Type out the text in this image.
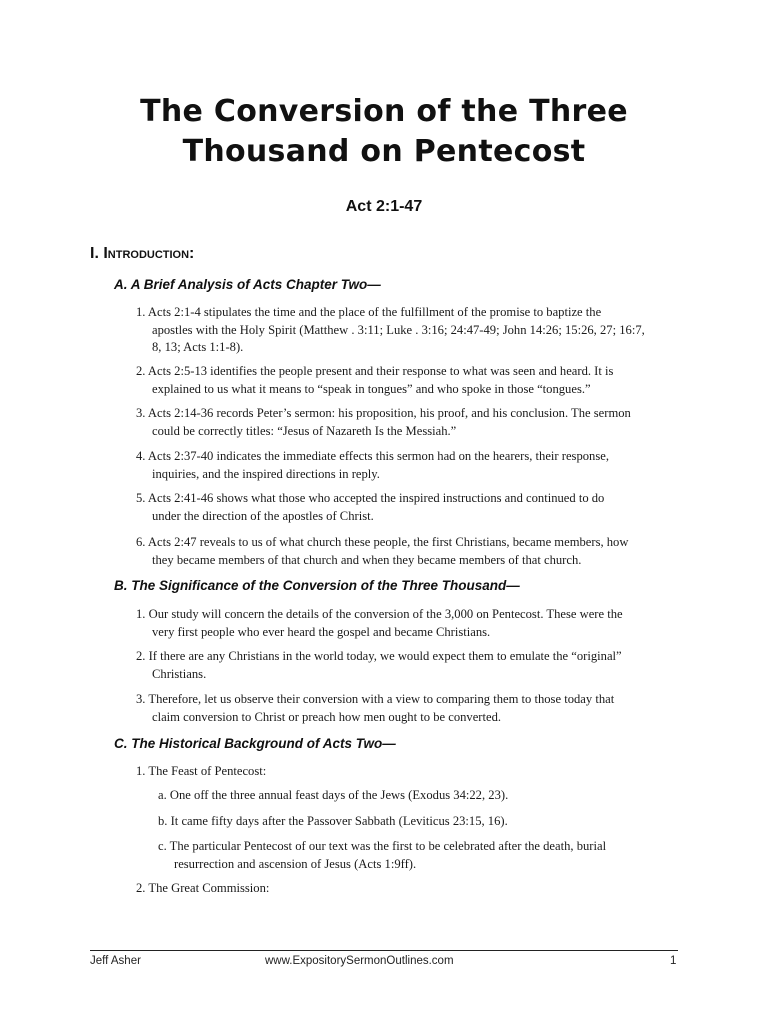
The Conversion of the Three
Thousand on Pentecost
Act 2:1-47
I. Introduction:
A. A Brief Analysis of Acts Chapter Two—
1. Acts 2:1-4 stipulates the time and the place of the fulfillment of the promise to baptize the
apostles with the Holy Spirit (Matthew . 3:11; Luke . 3:16; 24:47-49; John 14:26; 15:26, 27; 16:7,
8, 13; Acts 1:1-8).
2. Acts 2:5-13 identifies the people present and their response to what was seen and heard. It is
explained to us what it means to “speak in tongues” and who spoke in those “tongues.”
3. Acts 2:14-36 records Peter’s sermon: his proposition, his proof, and his conclusion. The sermon
could be correctly titles: “Jesus of Nazareth Is the Messiah.”
4. Acts 2:37-40 indicates the immediate effects this sermon had on the hearers, their response,
inquiries, and the inspired directions in reply.
5. Acts 2:41-46 shows what those who accepted the inspired instructions and continued to do
under the direction of the apostles of Christ.
6. Acts 2:47 reveals to us of what church these people, the first Christians, became members, how
they became members of that church and when they became members of that church.
B. The Significance of the Conversion of the Three Thousand—
1. Our study will concern the details of the conversion of the 3,000 on Pentecost. These were the
very first people who ever heard the gospel and became Christians.
2. If there are any Christians in the world today, we would expect them to emulate the “original”
Christians.
3. Therefore, let us observe their conversion with a view to comparing them to those today that
claim conversion to Christ or preach how men ought to be converted.
C. The Historical Background of Acts Two—
1. The Feast of Pentecost:
a. One off the three annual feast days of the Jews (Exodus 34:22, 23).
b. It came fifty days after the Passover Sabbath (Leviticus 23:15, 16).
c. The particular Pentecost of our text was the first to be celebrated after the death, burial
resurrection and ascension of Jesus (Acts 1:9ff).
2. The Great Commission:
Jeff Asher	www.ExpositorySermonOutlines.com	1
